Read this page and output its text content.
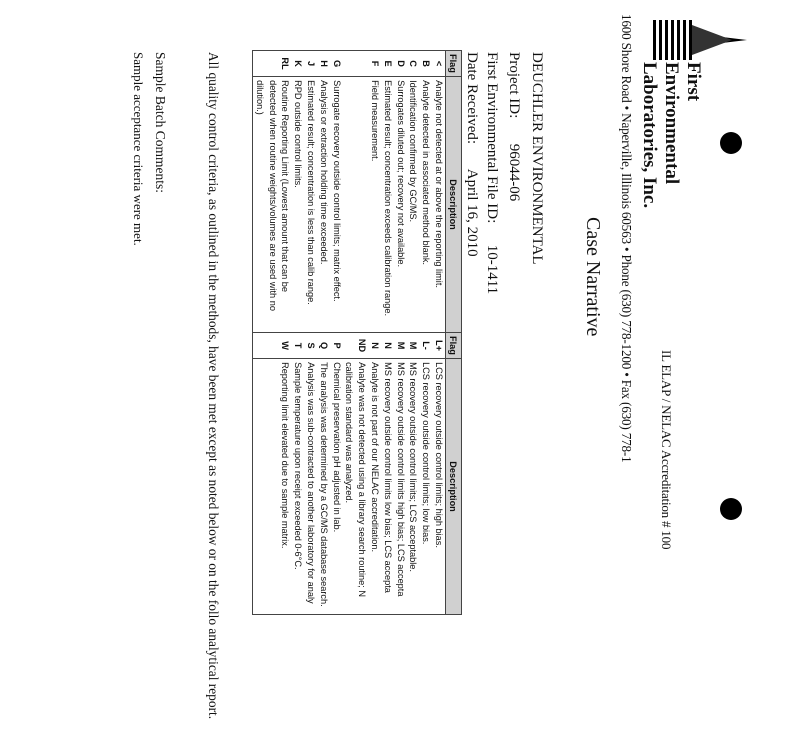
First
Environmental
Laboratories, Inc.
1600 Shore Road • Naperville, Illinois 60563 • Phone (630) 778-1200 • Fax (630) 778-1 IL ELAP / NELAC Accreditation # 100
Case Narrative
DEUCHLER ENVIRONMENTAL
Project ID:  96044-06
First Environmental File ID:  10-1411
Date Received:  April 16, 2010
Flag	Description	Flag	Description
<	Analyte not detected at or above the reporting limit.	L+	LCS recovery outside control limits; high bias.
B	Analyte detected in associated method blank.	L-	LCS recovery outside control limits; low bias.
C	Identification confirmed by GC/MS.	M	MS recovery outside control limits; LCS acceptable.
D	Surrogates diluted out; recovery not available.	M	MS recovery outside control limits high bias; LCS accepta
E	Estimated result; concentration exceeds calibration range.	N	MS recovery outside control limits low bias; LCS accepta
F	Field measurement.	N	Analyte is not part of our NELAC accreditation.
		ND	Analyte was not detected using a library search routine; N
			calibration standard was analyzed.
G	Surrogate recovery outside control limits; matrix effect.	P	Chemical preservation pH adjusted in lab.
H	Analysis or extraction holding time exceeded.	Q	The analysis was determined by a GC/MS database search.
J	Estimated result; concentration is less than calib range.	S	Analysis was sub-contracted to another laboratory for analy
K	RPD outside control limits.	T	Sample temperature upon receipt exceeded 0-6°C.
RL	Routine Reporting Limit (Lowest amount that can be	W	Reporting limit elevated due to sample matrix.
	detected when routine weights/volumes are used with no		
	dilution.)		
All quality control criteria, as outlined in the methods, have been met except as noted below or on the follo analytical report.
Sample Batch Comments:
Sample acceptance criteria were met.
